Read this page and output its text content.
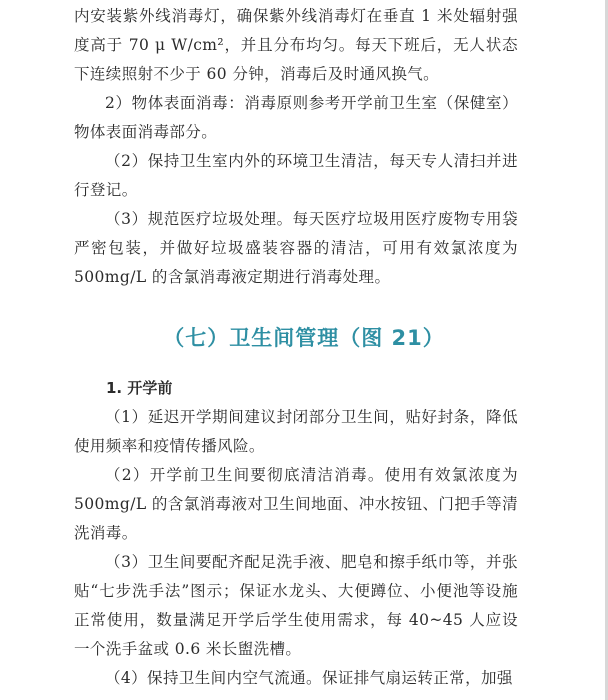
内安装紫外线消毒灯，确保紫外线消毒灯在垂直 1 米处辐射强度高于 70 μ W/cm²，并且分布均匀。每天下班后，无人状态下连续照射不少于 60 分钟，消毒后及时通风换气。

2）物体表面消毒：消毒原则参考开学前卫生室（保健室）物体表面消毒部分。

（2）保持卫生室内外的环境卫生清洁，每天专人清扫并进行登记。

（3）规范医疗垃圾处理。每天医疗垃圾用医疗废物专用袋严密包装，并做好垃圾盛装容器的清洁，可用有效氯浓度为 500mg/L 的含氯消毒液定期进行消毒处理。

（七）卫生间管理（图 21）

1. 开学前

（1）延迟开学期间建议封闭部分卫生间，贴好封条，降低使用频率和疫情传播风险。

（2）开学前卫生间要彻底清洁消毒。使用有效氯浓度为 500mg/L 的含氯消毒液对卫生间地面、冲水按钮、门把手等清洗消毒。

（3）卫生间要配齐配足洗手液、肥皂和擦手纸巾等，并张贴“七步洗手法”图示；保证水龙头、大便蹲位、小便池等设施正常使用，数量满足开学后学生使用需求，每 40~45 人应设一个洗手盆或 0.6 米长盥洗槽。

（4）保持卫生间内空气流通。保证排气扇运转正常，加强
